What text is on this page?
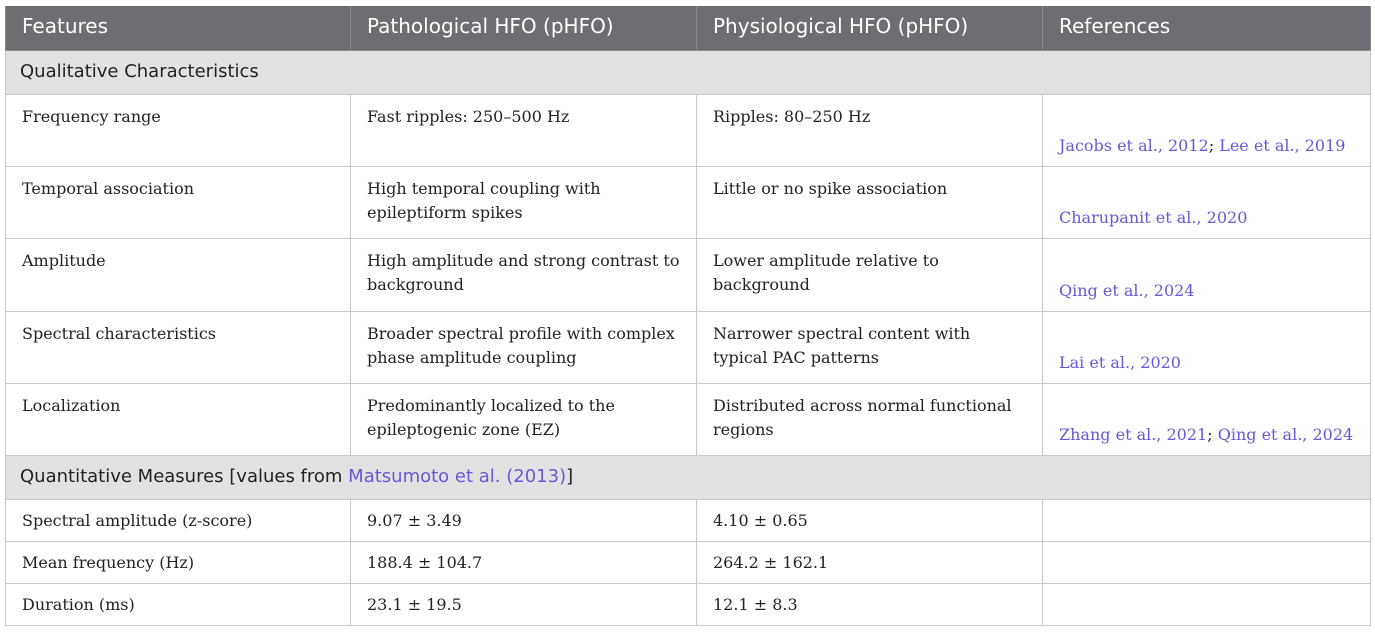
Features	Pathological HFO (pHFO)	Physiological HFO (pHFO)	References
Qualitative Characteristics			
Frequency range	Fast ripples: 250–500 Hz	Ripples: 80–250 Hz	Jacobs et al., 2012; Lee et al., 2019
Temporal association	High temporal coupling with epileptiform spikes	Little or no spike association	Charupanit et al., 2020
Amplitude	High amplitude and strong contrast to background	Lower amplitude relative to background	Qing et al., 2024
Spectral characteristics	Broader spectral profile with complex phase amplitude coupling	Narrower spectral content with typical PAC patterns	Lai et al., 2020
Localization	Predominantly localized to the epileptogenic zone (EZ)	Distributed across normal functional regions	Zhang et al., 2021; Qing et al., 2024
Quantitative Measures [values from Matsumoto et al. (2013)]			
Spectral amplitude (z-score)	9.07 ± 3.49	4.10 ± 0.65	
Mean frequency (Hz)	188.4 ± 104.7	264.2 ± 162.1	
Duration (ms)	23.1 ± 19.5	12.1 ± 8.3	
